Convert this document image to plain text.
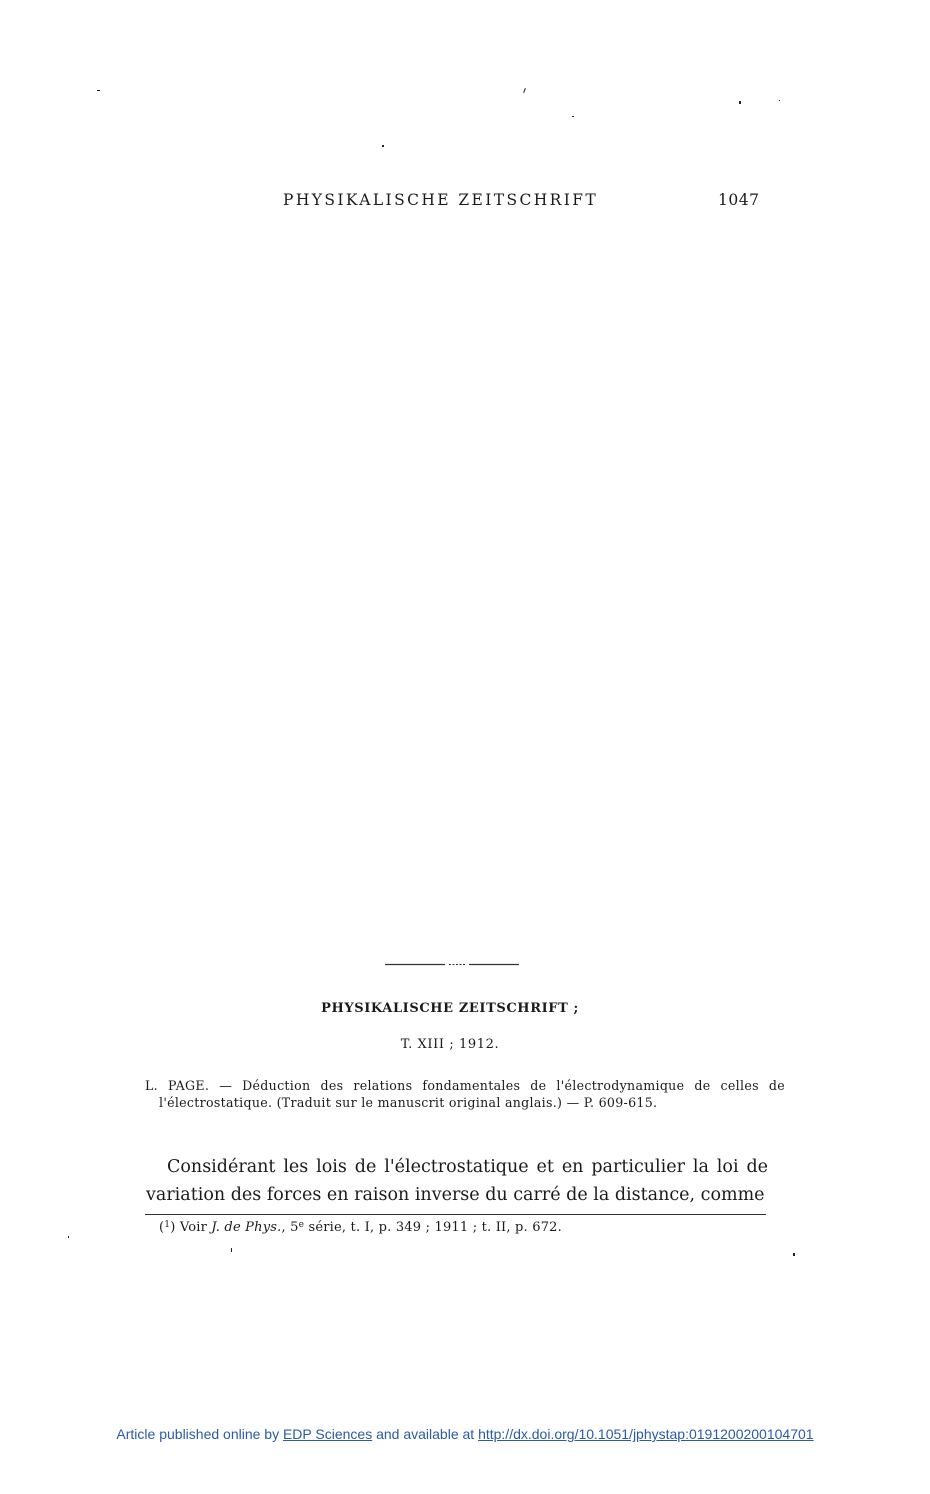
PHYSIKALISCHE ZEITSCHRIFT	1047
PHYSIKALISCHE ZEITSCHRIFT ;
T. XIII ; 1912.
L. PAGE. — Déduction des relations fondamentales de l'électrodynamique de celles de l'électrostatique. (Traduit sur le manuscrit original anglais.) — P. 609-615.
Considérant les lois de l'électrostatique et en particulier la loi de variation des forces en raison inverse du carré de la distance, comme
($^1$) Voir J. de Phys., 5e série, t. I, p. 349 ; 1911 ; t. II, p. 672.
Article published online by EDP Sciences and available at http://dx.doi.org/10.1051/jphystap:0191200200104701
